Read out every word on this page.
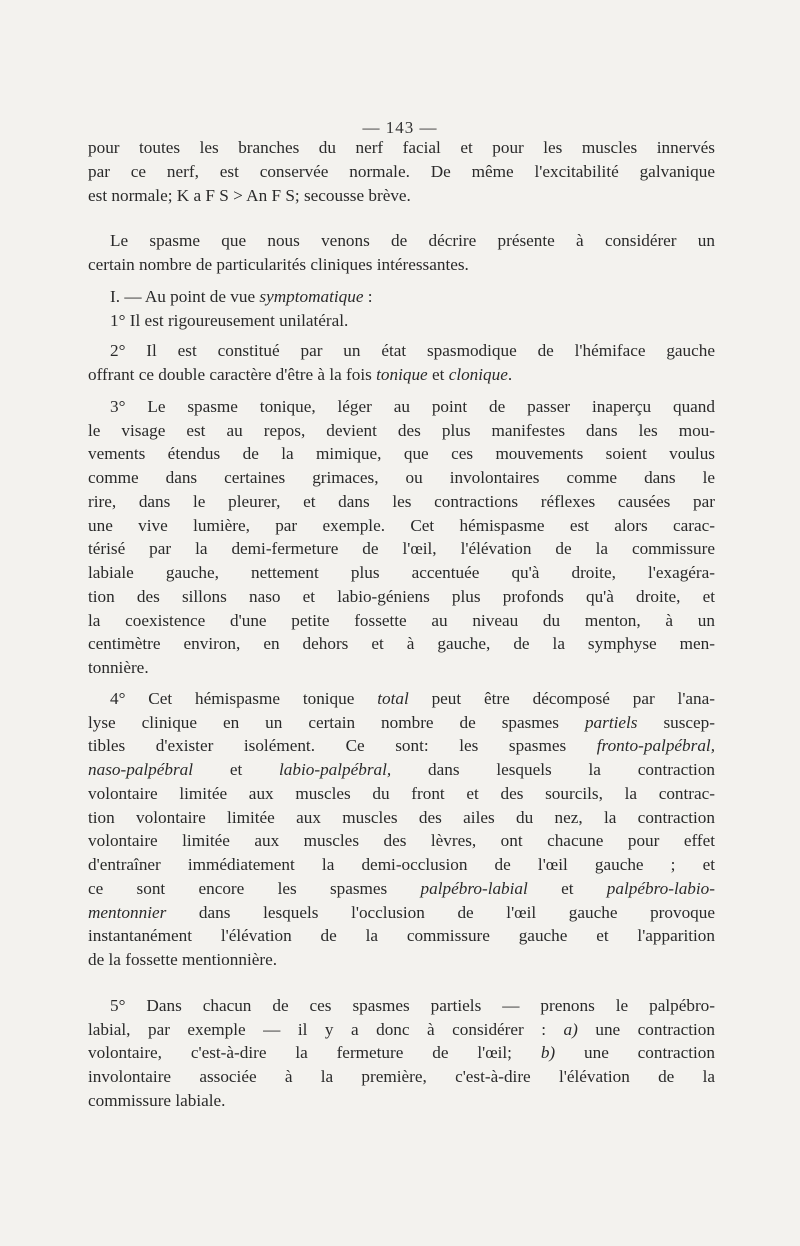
— 143 —
pour toutes les branches du nerf facial et pour les muscles innervés
par ce nerf, est conservée normale. De même l'excitabilité galvanique
est normale; K a F S > An F S; secousse brève.
Le spasme que nous venons de décrire présente à considérer un
certain nombre de particularités cliniques intéressantes.
I. — Au point de vue symptomatique :
1° Il est rigoureusement unilatéral.
2° Il est constitué par un état spasmodique de l'hémiface gauche
offrant ce double caractère d'être à la fois tonique et clonique.
3° Le spasme tonique, léger au point de passer inaperçu quand
le visage est au repos, devient des plus manifestes dans les mou-
vements étendus de la mimique, que ces mouvements soient voulus
comme dans certaines grimaces, ou involontaires comme dans le
rire, dans le pleurer, et dans les contractions réflexes causées par
une vive lumière, par exemple. Cet hémispasme est alors carac-
térisé par la demi-fermeture de l'œil, l'élévation de la commissure
labiale gauche, nettement plus accentuée qu'à droite, l'exagéra-
tion des sillons naso et labio-géniens plus profonds qu'à droite, et
la coexistence d'une petite fossette au niveau du menton, à un
centimètre environ, en dehors et à gauche, de la symphyse men-
tonnière.
4° Cet hémispasme tonique total peut être décomposé par l'ana-
lyse clinique en un certain nombre de spasmes partiels suscep-
tibles d'exister isolément. Ce sont: les spasmes fronto-palpébral,
naso-palpébral et labio-palpébral, dans lesquels la contraction
volontaire limitée aux muscles du front et des sourcils, la contrac-
tion volontaire limitée aux muscles des ailes du nez, la contraction
volontaire limitée aux muscles des lèvres, ont chacune pour effet
d'entraîner immédiatement la demi-occlusion de l'œil gauche ; et
ce sont encore les spasmes palpébro-labial et palpébro-labio-
mentonnier dans lesquels l'occlusion de l'œil gauche provoque
instantanément l'élévation de la commissure gauche et l'apparition
de la fossette mentionnière.
5° Dans chacun de ces spasmes partiels — prenons le palpébro-
labial, par exemple — il y a donc à considérer : a) une contraction
volontaire, c'est-à-dire la fermeture de l'œil; b) une contraction
involontaire associée à la première, c'est-à-dire l'élévation de la
commissure labiale.
